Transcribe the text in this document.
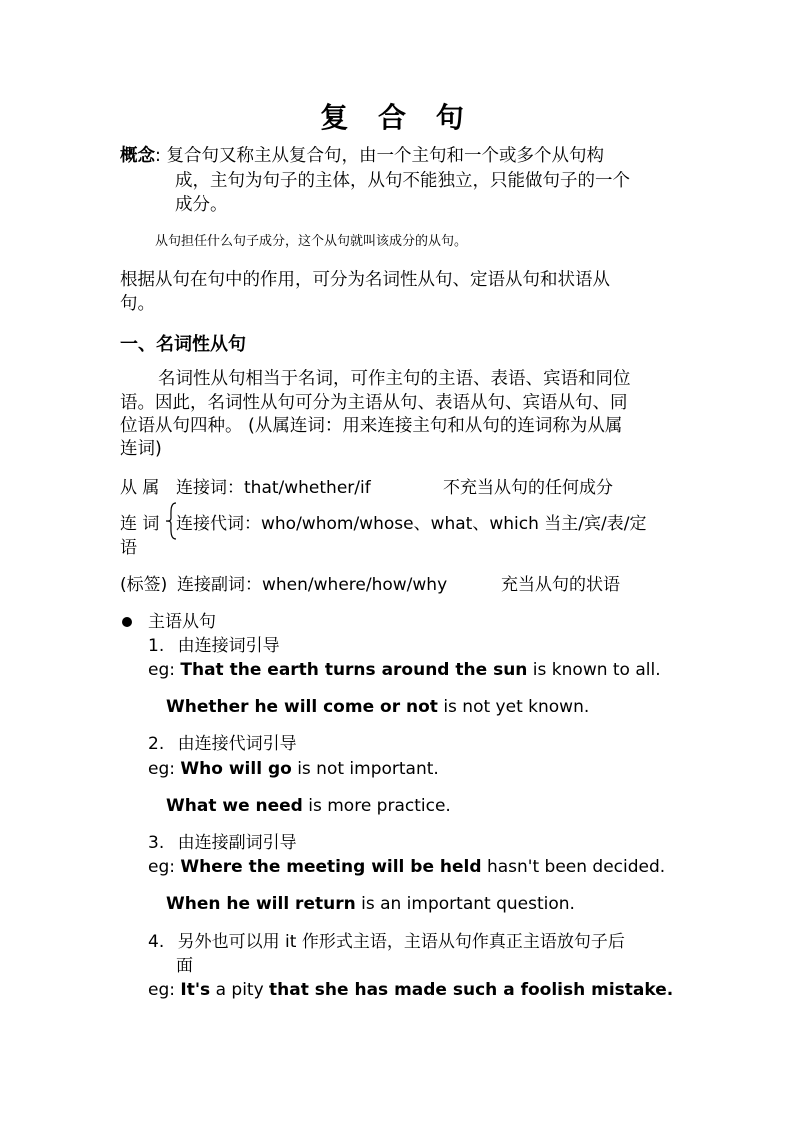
复 合 句
概念: 复合句又称主从复合句，由一个主句和一个或多个从句构
成，主句为句子的主体，从句不能独立，只能做句子的一个
成分。
从句担任什么句子成分，这个从句就叫该成分的从句。
根据从句在句中的作用，可分为名词性从句、定语从句和状语从
句。
一、名词性从句
名词性从句相当于名词，可作主句的主语、表语、宾语和同位
语。因此，名词性从句可分为主语从句、表语从句、宾语从句、同
位语从句四种。 (从属连词：用来连接主句和从句的连词称为从属
连词)
从 属 连接词：that/whether/if	不充当从句的任何成分
连 词 连接代词：who/whom/whose、what、which 当主/宾/表/定
语
(标签) 连接副词：when/where/how/why	充当从句的状语
主语从句
1. 由连接词引导
eg: That the earth turns around the sun is known to all.
Whether he will come or not is not yet known.
2. 由连接代词引导
eg: Who will go is not important.
What we need is more practice.
3. 由连接副词引导
eg: Where the meeting will be held hasn't been decided.
When he will return is an important question.
4. 另外也可以用 it 作形式主语，主语从句作真正主语放句子后
面
eg: It's a pity that she has made such a foolish mistake.
